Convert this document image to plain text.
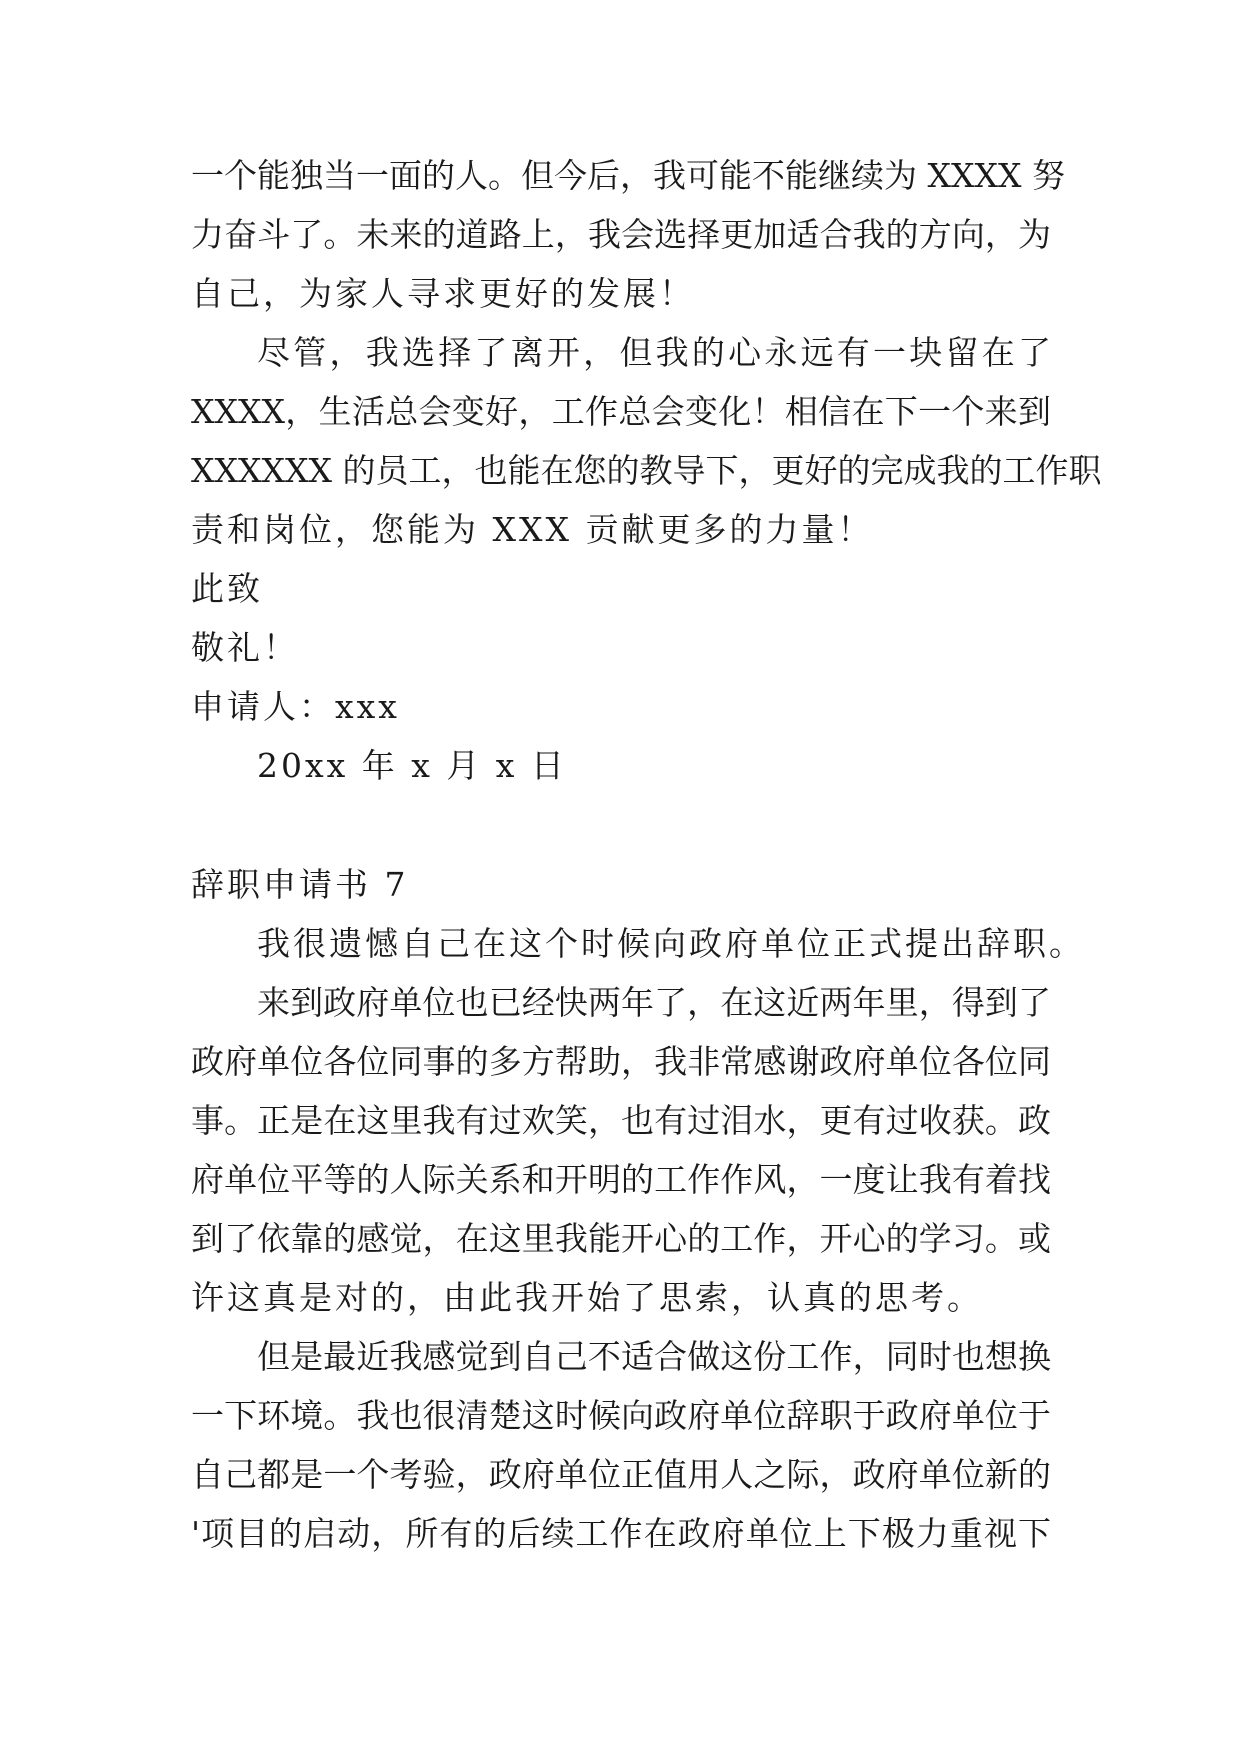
一个能独当一面的人。但今后，我可能不能继续为 XXXX 努
力奋斗了。未来的道路上，我会选择更加适合我的方向，为
自己，为家人寻求更好的发展！
尽管，我选择了离开，但我的心永远有一块留在了
XXXX，生活总会变好，工作总会变化！相信在下一个来到
XXXXXX 的员工，也能在您的教导下，更好的完成我的工作职
责和岗位，您能为 XXX 贡献更多的力量！
此致
敬礼！
申请人：xxx
20xx 年 x 月 x 日
辞职申请书 7
我很遗憾自己在这个时候向政府单位正式提出辞职。
来到政府单位也已经快两年了，在这近两年里，得到了
政府单位各位同事的多方帮助，我非常感谢政府单位各位同
事。正是在这里我有过欢笑，也有过泪水，更有过收获。政
府单位平等的人际关系和开明的工作作风，一度让我有着找
到了依靠的感觉，在这里我能开心的工作，开心的学习。或
许这真是对的，由此我开始了思索，认真的思考。
但是最近我感觉到自己不适合做这份工作，同时也想换
一下环境。我也很清楚这时候向政府单位辞职于政府单位于
自己都是一个考验，政府单位正值用人之际，政府单位新的
'项目的启动，所有的后续工作在政府单位上下极力重视下
